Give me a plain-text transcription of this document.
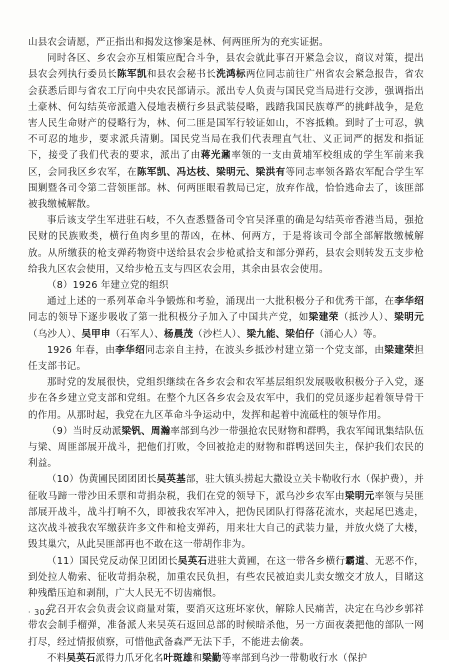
山县农会请愿，严正指出和揭发这惨案是林、何两匪所为的充实证据。

同时各区、乡农会亦互相策应配合斗争，县农会就此事召开紧急会议，商议对策，提出县农会列执行委员长陈军凯和县农会秘书长洗鸿标两位同志前往广州省农会紧急报告，省农会获悉后即与省农工厅向中央农民部请示。派出专人负责与国民党当局进行交涉，强调指出土豪林、何勾结英帝派遣入侵地表横行乡县武装侵略，践踏我国民族尊严的挑衅战争，是危害人民生命财产的侵略行为，林、何二匪是国军行较证如山，不容抵赖。到时了士可忍，孰不可忍的地步，要求派兵清剿。国民党当局在我们代表理直气壮、义正词严的据发和指证下，接受了我们代表的要求，派出了由蒋光鼐率领的一支由黄埔军校组成的学生军前来我区，会同我区乡农军，在陈军凯、冯达枝、梁明元、梁洪有等同志率领各路农军配合学生军围剿暨各司令第二营领匪部。林、何两匪眼看教局已定，放弃作战，恰恰逃命去了，该匪部被我缴械解散。

事后该支学生军进驻石岐，不久查悉暨备司令官吴泽重的确是勾结英帝香港当局，强抢民财的民族败类，横行鱼肉乡里的帮凶，在林、何两方，于是将该司令部全部解散缴械解放。从所缴获的枪支弹药物资中送给县农会步枪贰拾支和部分弹药，县农会则转发五支步枪给我九区农会使用，又给步枪五支与四区农会用，其余由县农会使用。

（8）1926 年建立党的组织

通过上述的一系列革命斗争锻炼和考验，涌现出一大批积极分子和优秀干部，在李华绍同志的领导下逐步吸收了第一批积极分子加入了中国共产党，如梁建荣（抵沙人）、梁明元（乌沙人）、吴甲申（石军人）、杨晨茂（沙栏人）、梁九能、梁伯仔（涌心人）等。

1926 年春，由李华绍同志亲自主持，在波头乡抵沙村建立第一个党支部，由梁建荣担任支部书记。

那时党的发展很快，党组织继续在各乡农会和农军基层组织发展吸收积极分子入党，逐步在各乡建立党支部和党组。在整个九区各乡农会及农军中，我们的党员逐步起着领导骨干的作用。从那时起，我党在九区革命斗争运动中，发挥和起着中流砥柱的领导作用。

（9）当时反动派梁钒、周瀚率部到乌沙一带强抢农民财物和群鸭，我农军闻讯集结队伍与梁、周匪部展开战斗，把他们打败，令回被抢走的财物和群鸭送回失主，保护我们农民的利益。

（10）伪黄圃民团团团长吴英基部，驻大镇头捞起大撒设立关卡勒收行水（保护费），并征收马蹄一带沙田禾票和苛捐杂税，我们在党的领导下，派乌沙乡农军由梁明元率领与吴匪部展开战斗，战斗打响不久，即被我农军冲入，把伪民团队打得落花流水，夹起尾巴逃走，这次战斗被我农军缴获许多文件和枪支弹药，用来壮大自己的武装力量，并放火烧了大楼，毁其巢穴，从此吴匪部再也不敢在这一带胡作非为。

（11）国民党反动保卫团团长吴英石进驻大黄圃，在这一带各乡横行霸道、无恶不作，到处拉人勒索、征收苛捐杂税，加重农民负担，有些农民被迫卖儿卖女缴交才放人，目睹这种残酷压迫和剥削，广大人民无不切齿痛恨。

党召开农会负责会议商量对策，要消灭这班坏家伙，解除人民痛苦，决定在乌沙乡郭祥带农会制手榴弹，准备派人来吴英石返回总部的时候暗杀他，另一方面夜袭把他的部队一网打尽，经过情报侦察，可惜他武备森严无法下手，不能进去偷袭。

不料吴英石派得力爪牙化名叶斑雄和梁勤等率部到乌沙一带勒收行水（保护

· 302 ·
